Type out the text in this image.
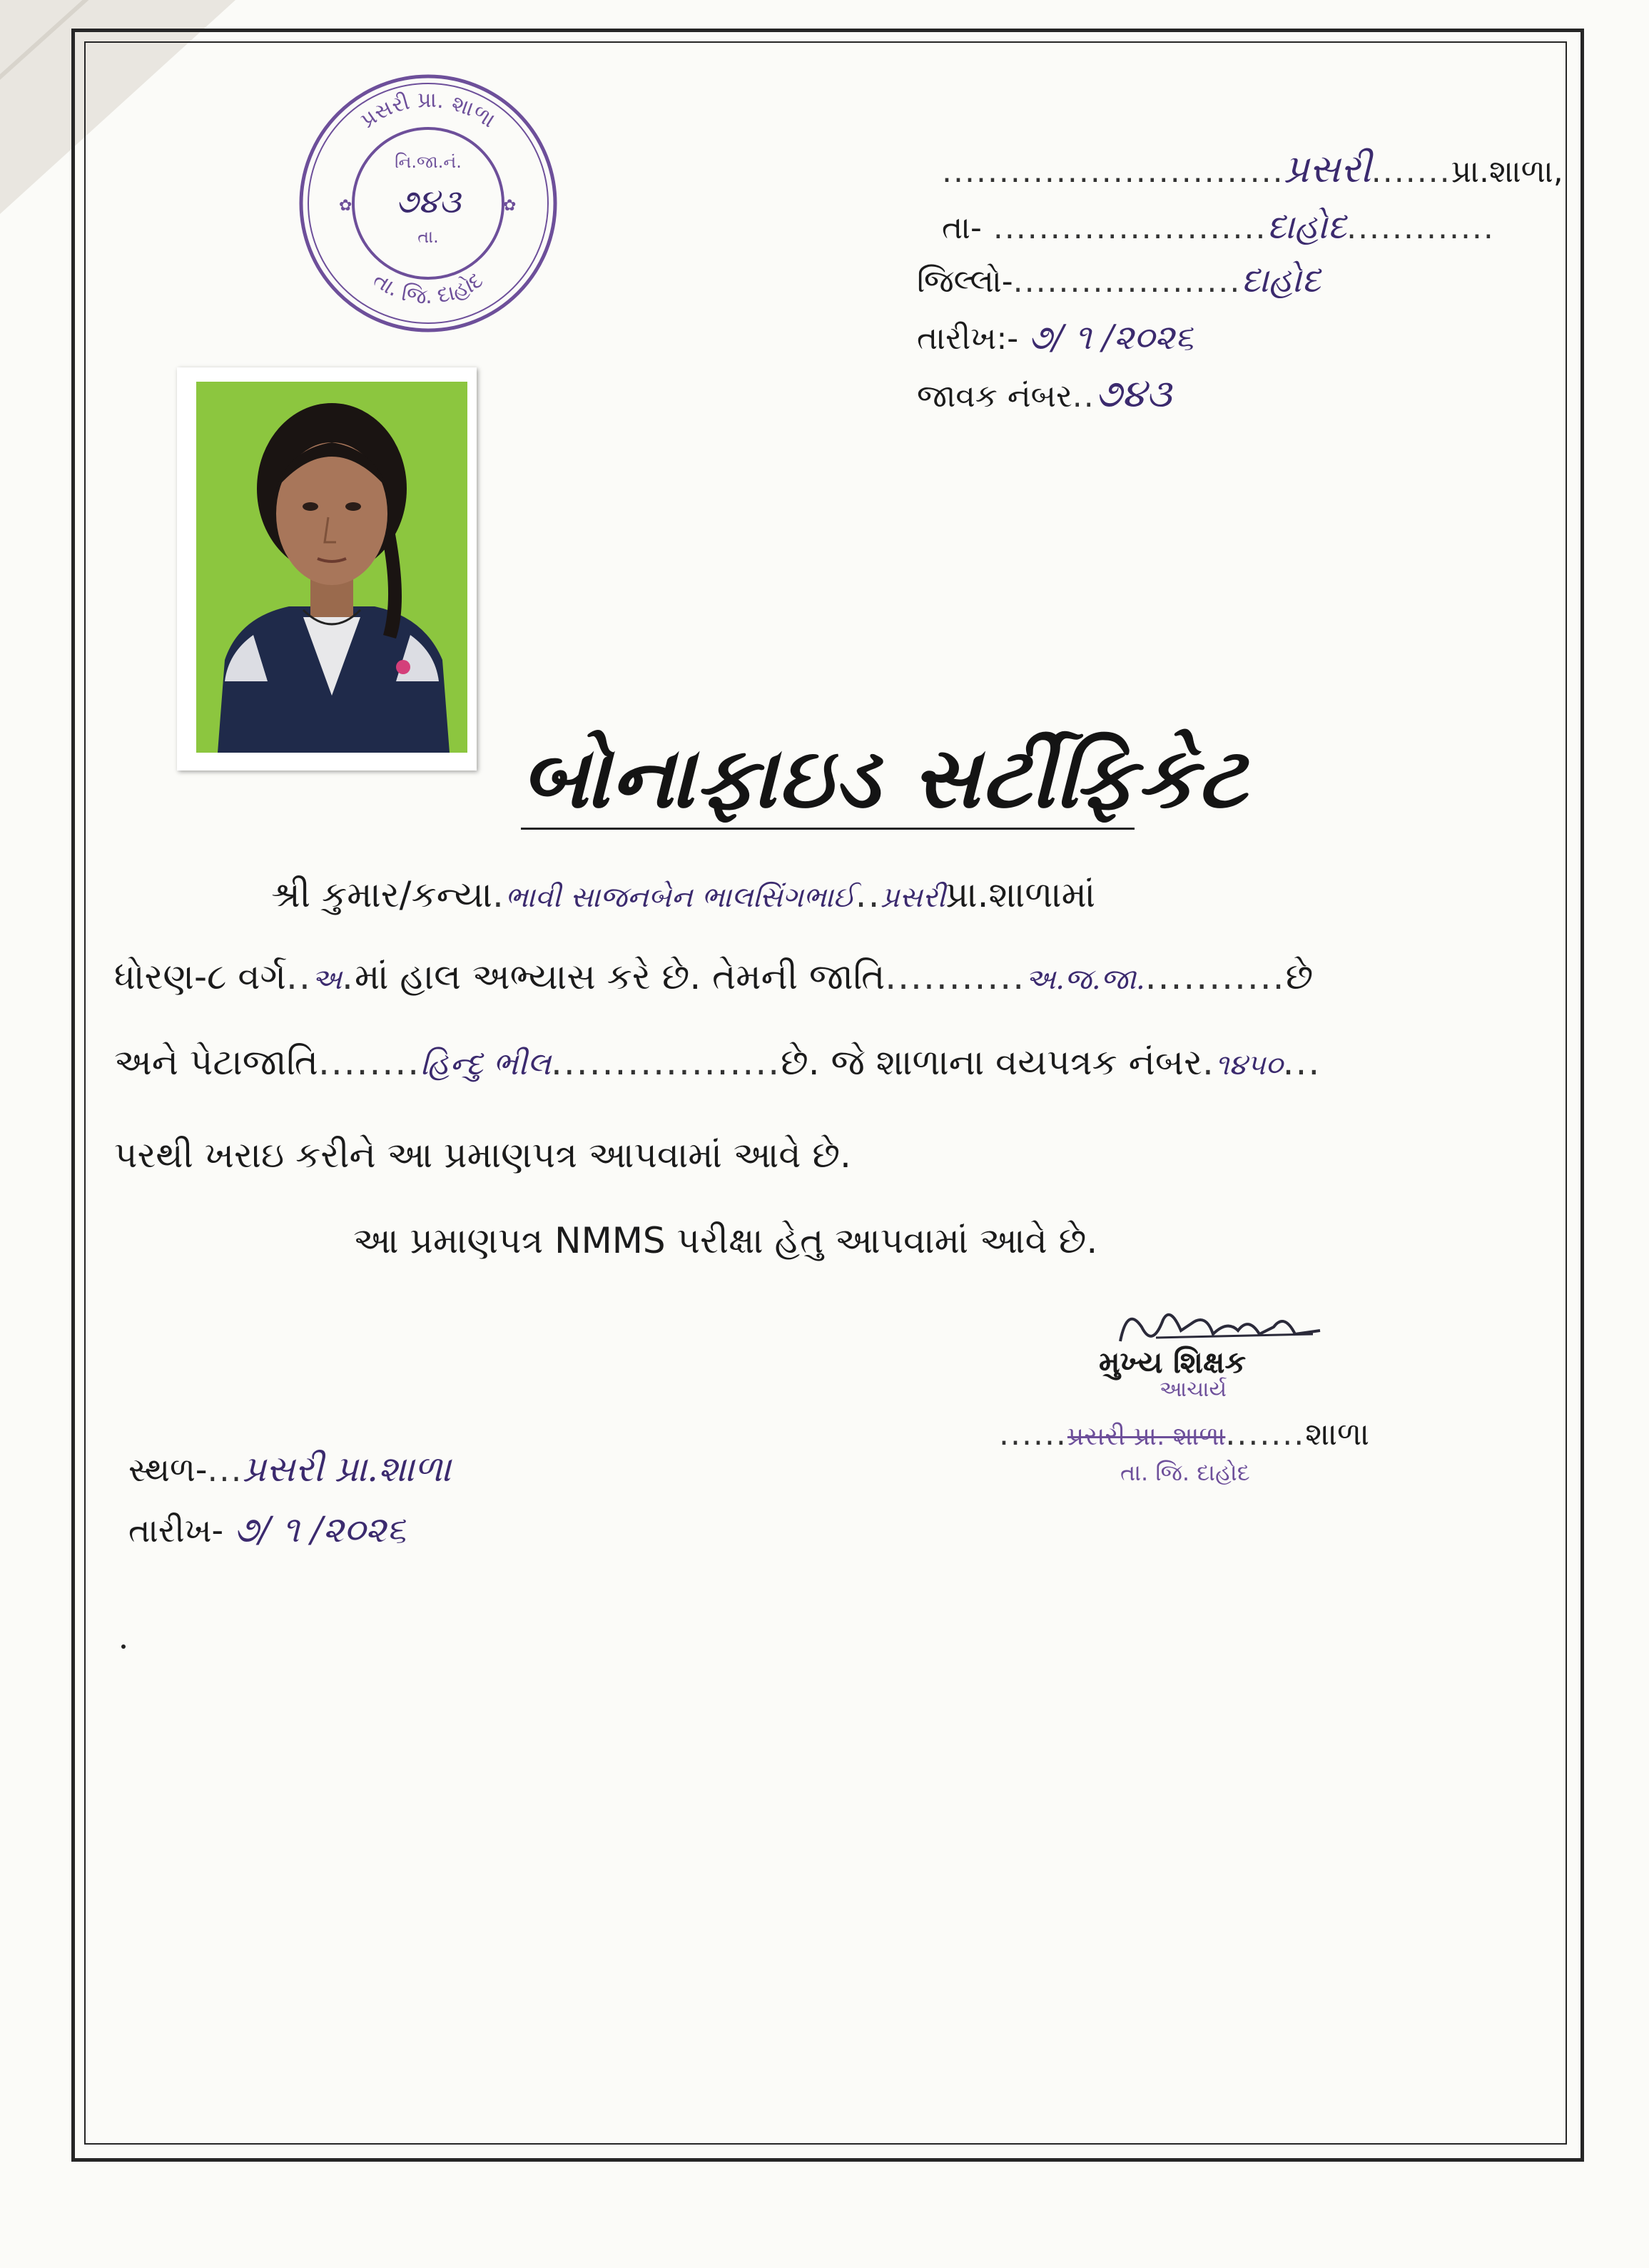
પ્રસરી પ્રા. શાળા
તા. જિ. દાહોદ
નિ.જા.નં.
૭૪૩
તા.
✿	✿
..............................પ્રસરી.......પ્રા.શાળા,
તા- ........................દાહોદ.............
જિલ્લો-....................દાહોદ
તારીખ:- ૭/ ૧ /૨૦૨૬
જાવક નંબર..૭૪૩
બોનાફાઇડ સર્ટીફિકેટ
શ્રી કુમાર/કન્યા.ભાવી સાજનબેન ભાલસિંગભાઈ..પ્રસરીપ્રા.શાળામાં
ધોરણ-૮ વર્ગ..અ.માં હાલ અભ્યાસ કરે છે. તેમની જાતિ...........અ.જ.જા............છે
અને પેટાજાતિ........હિન્દુ ભીલ..................છે. જે શાળાના વયપત્રક નંબર.૧૪૫૦...
પરથી ખરાઇ કરીને આ પ્રમાણપત્ર આપવામાં આવે છે.
આ પ્રમાણપત્ર NMMS પરીક્ષા હેતુ આપવામાં આવે છે.
મુખ્ય શિક્ષક
આચાર્ય
......પ્રસરી પ્રા. શાળા.......શાળા
તા. જિ. દાહોદ
સ્થળ-...પ્રસરી પ્રા.શાળા
તારીખ- ૭/ ૧ /૨૦૨૬
